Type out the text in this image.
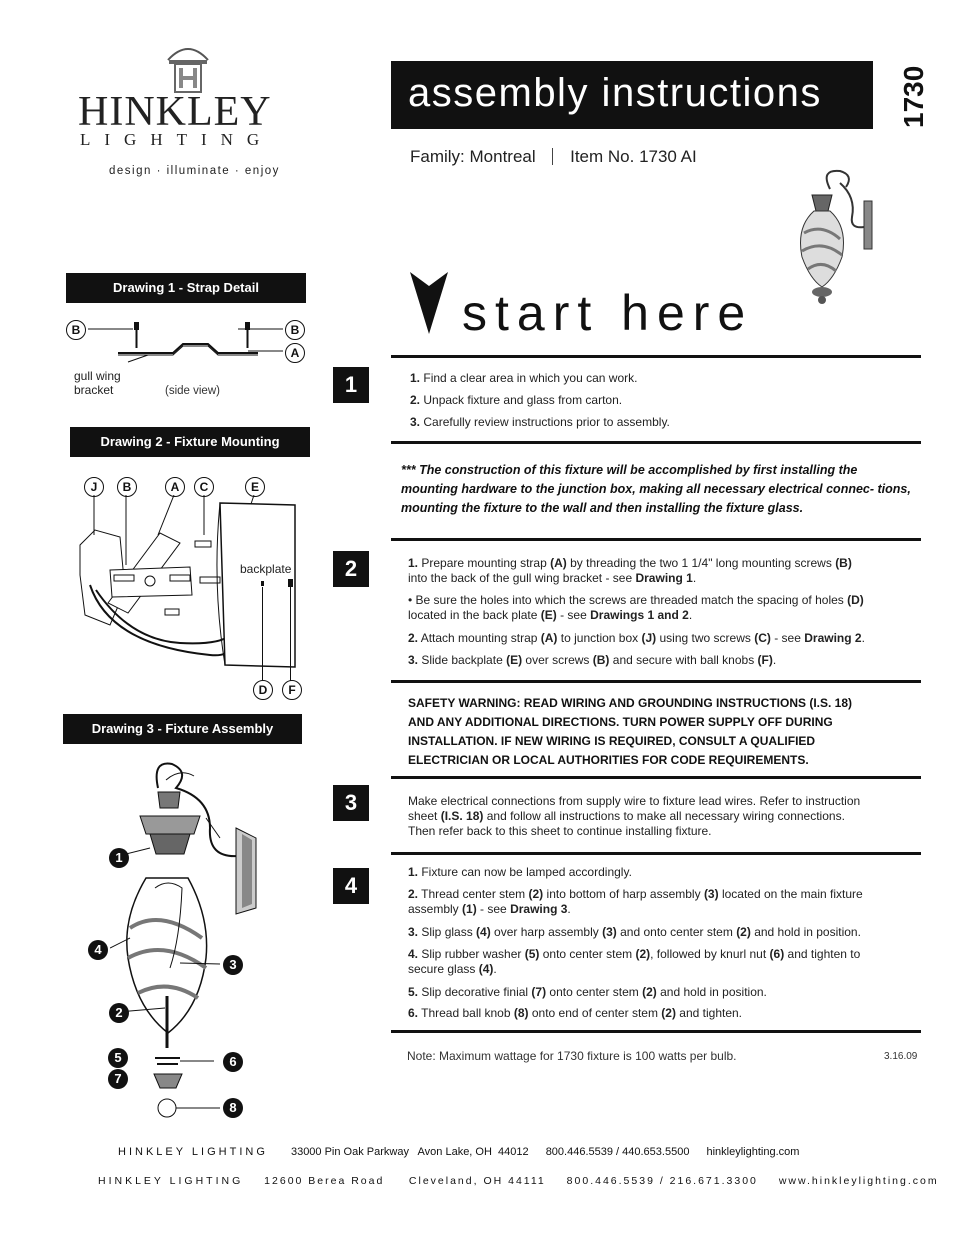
HINKLEY
LIGHTING
design · illuminate · enjoy
assembly instructions	1730
Family: Montreal Item No. 1730 AI
start here
Drawing 1 - Strap Detail
B	B
A
gull wing
bracket	(side view)
Drawing 2 - Fixture Mounting
J	B	A	C	E
backplate
D	F
Drawing 3 - Fixture Assembly
1
4
3
2
5	6
7
8
1	1. Find a clear area in which you can work.
2. Unpack fixture and glass from carton.
3. Carefully review instructions prior to assembly.
*** The construction of this fixture will be accomplished by first installing the mounting hardware to the junction box, making all necessary electrical connec- tions, mounting the fixture to the wall and then installing the fixture glass.
2	1. Prepare mounting strap (A) by threading the two 1 1/4" long mounting screws (B)
into the back of the gull wing bracket - see Drawing 1.
• Be sure the holes into which the screws are threaded match the spacing of holes (D)
located in the back plate (E) - see Drawings 1 and 2.
2. Attach mounting strap (A) to junction box (J) using two screws (C) - see Drawing 2.
3. Slide backplate (E) over screws (B) and secure with ball knobs (F).
SAFETY WARNING: READ WIRING AND GROUNDING INSTRUCTIONS (I.S. 18)
AND ANY ADDITIONAL DIRECTIONS. TURN POWER SUPPLY OFF DURING
INSTALLATION. IF NEW WIRING IS REQUIRED, CONSULT A QUALIFIED
ELECTRICIAN OR LOCAL AUTHORITIES FOR CODE REQUIREMENTS.
3	Make electrical connections from supply wire to fixture lead wires. Refer to instruction
sheet (I.S. 18) and follow all instructions to make all necessary wiring connections.
Then refer back to this sheet to continue installing fixture.
4
1. Fixture can now be lamped accordingly.
2. Thread center stem (2) into bottom of harp assembly (3) located on the main fixture
assembly (1) - see Drawing 3.
3. Slip glass (4) over harp assembly (3) and onto center stem (2) and hold in position.
4. Slip rubber washer (5) onto center stem (2), followed by knurl nut (6) and tighten to
secure glass (4).
5. Slip decorative finial (7) onto center stem (2) and hold in position.
6. Thread ball knob (8) onto end of center stem (2) and tighten.
Note: Maximum wattage for 1730 fixture is 100 watts per bulb.	3.16.09
HINKLEY LIGHTING 33000 Pin Oak Parkway   Avon Lake, OH  44012 800.446.5539 / 440.653.5500 hinkleylighting.com
HINKLEY LIGHTING 12600 Berea Road     Cleveland, OH 44111 800.446.5539 / 216.671.3300 www.hinkleylighting.com
